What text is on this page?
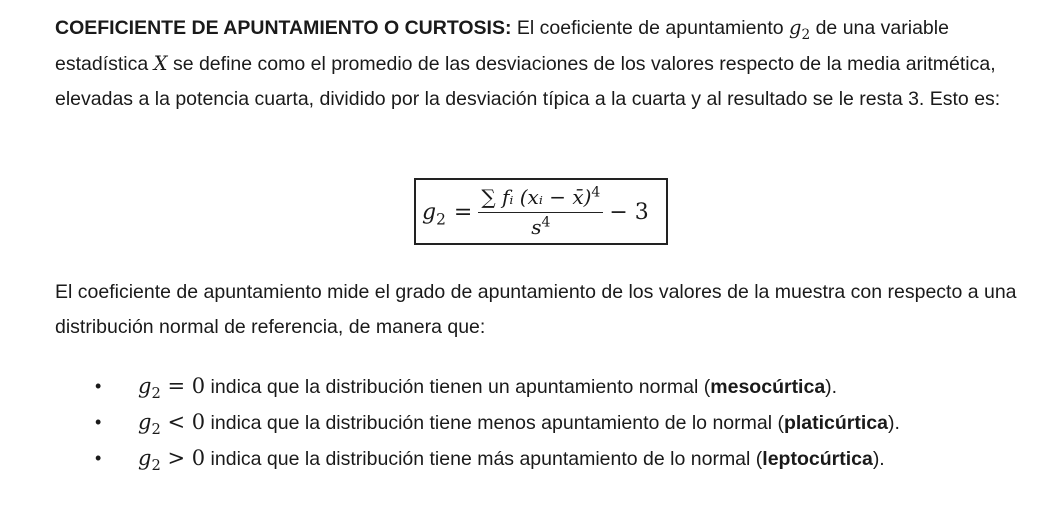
COEFICIENTE DE APUNTAMIENTO O CURTOSIS: El coeficiente de apuntamiento $g_2$ de una variable estadística X se define como el promedio de las desviaciones de los valores respecto de la media aritmética, elevadas a la potencia cuarta, dividido por la desviación típica a la cuarta y al resultado se le resta 3. Esto es:

$g_2 = \frac{\sum fᵢ (xᵢ - x̄)^4}{s^4} - 3$

El coeficiente de apuntamiento mide el grado de apuntamiento de los valores de la muestra con respecto a una distribución normal de referencia, de manera que:

• $g_2 = 0$ indica que la distribución tienen un apuntamiento normal (mesocúrtica).
• $g_2 < 0$ indica que la distribución tiene menos apuntamiento de lo normal (platicúrtica).
• $g_2 > 0$ indica que la distribución tiene más apuntamiento de lo normal (leptocúrtica).
